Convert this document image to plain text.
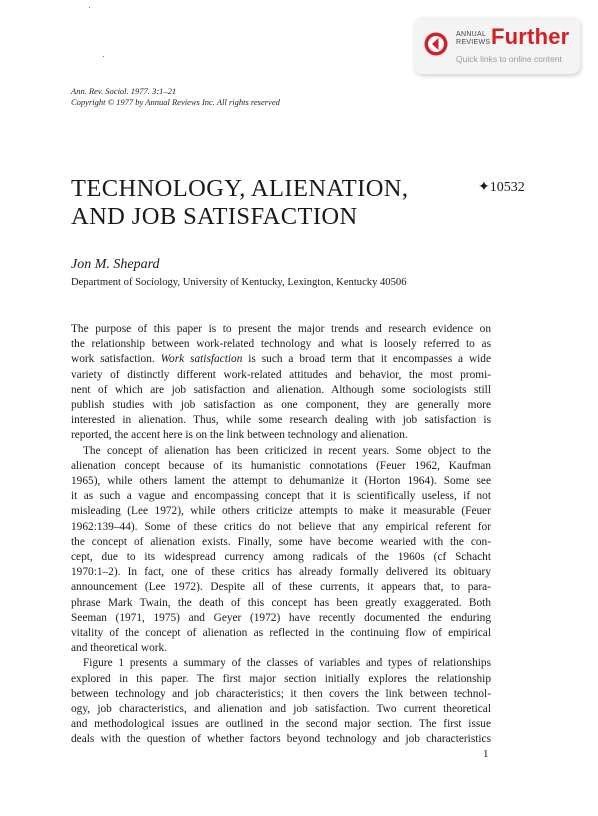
ANNUAL
REVIEWS Further
Quick links to online content
Ann. Rev. Sociol. 1977. 3:1–21
Copyright © 1977 by Annual Reviews Inc. All rights reserved
TECHNOLOGY, ALIENATION,
AND JOB SATISFACTION
✦10532
Jon M. Shepard
Department of Sociology, University of Kentucky, Lexington, Kentucky 40506
The purpose of this paper is to present the major trends and research evidence on
the relationship between work-related technology and what is loosely referred to as
work satisfaction. Work satisfaction is such a broad term that it encompasses a wide
variety of distinctly different work-related attitudes and behavior, the most promi-
nent of which are job satisfaction and alienation. Although some sociologists still
publish studies with job satisfaction as one component, they are generally more
interested in alienation. Thus, while some research dealing with job satisfaction is
reported, the accent here is on the link between technology and alienation.
The concept of alienation has been criticized in recent years. Some object to the
alienation concept because of its humanistic connotations (Feuer 1962, Kaufman
1965), while others lament the attempt to dehumanize it (Horton 1964). Some see
it as such a vague and encompassing concept that it is scientifically useless, if not
misleading (Lee 1972), while others criticize attempts to make it measurable (Feuer
1962:139–44). Some of these critics do not believe that any empirical referent for
the concept of alienation exists. Finally, some have become wearied with the con-
cept, due to its widespread currency among radicals of the 1960s (cf Schacht
1970:1–2). In fact, one of these critics has already formally delivered its obituary
announcement (Lee 1972). Despite all of these currents, it appears that, to para-
phrase Mark Twain, the death of this concept has been greatly exaggerated. Both
Seeman (1971, 1975) and Geyer (1972) have recently documented the enduring
vitality of the concept of alienation as reflected in the continuing flow of empirical
and theoretical work.
Figure 1 presents a summary of the classes of variables and types of relationships
explored in this paper. The first major section initially explores the relationship
between technology and job characteristics; it then covers the link between technol-
ogy, job characteristics, and alienation and job satisfaction. Two current theoretical
and methodological issues are outlined in the second major section. The first issue
deals with the question of whether factors beyond technology and job characteristics
1
